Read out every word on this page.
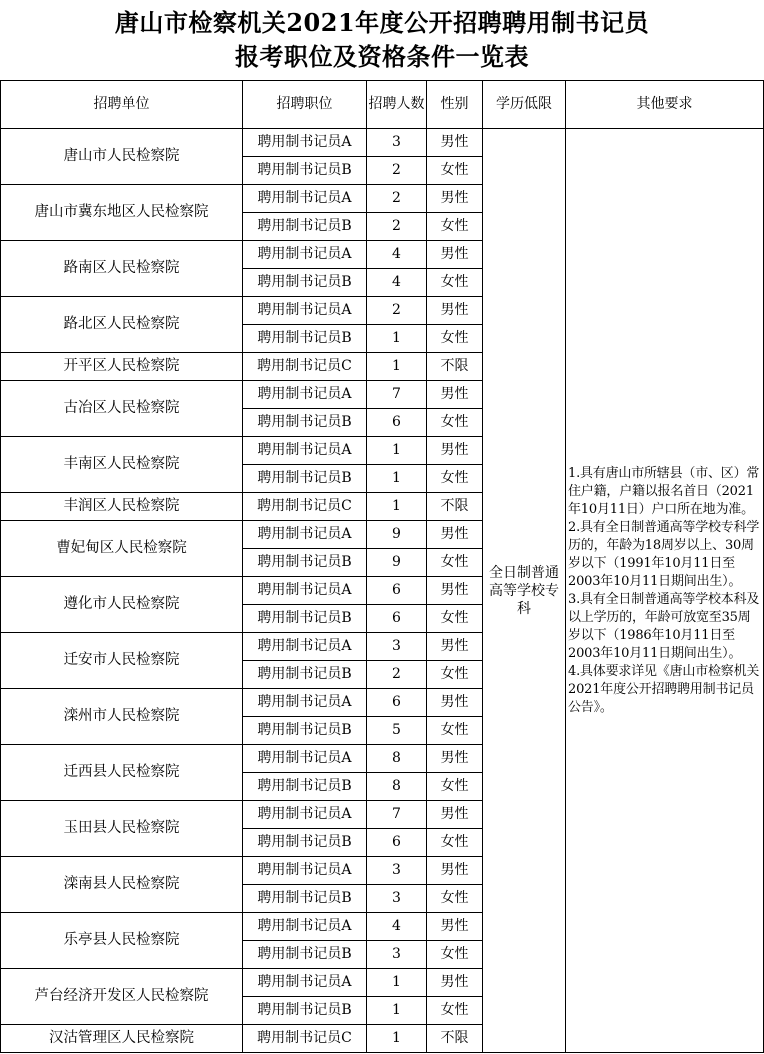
唐山市检察机关2021年度公开招聘聘用制书记员
报考职位及资格条件一览表
招聘单位	招聘职位	招聘人数	性别	学历低限	其他要求
唐山市人民检察院	聘用制书记员A	3	男性	全日制普通高等学校专科	1.具有唐山市所辖县（市、区）常住户籍，户籍以报名首日（2021年10月11日）户口所在地为准。
2.具有全日制普通高等学校专科学历的，年龄为18周岁以上、30周岁以下（1991年10月11日至2003年10月11日期间出生）。
3.具有全日制普通高等学校本科及以上学历的，年龄可放宽至35周岁以下（1986年10月11日至2003年10月11日期间出生）。
4.具体要求详见《唐山市检察机关2021年度公开招聘聘用制书记员公告》。
	聘用制书记员B	2	女性		
唐山市冀东地区人民检察院	聘用制书记员A	2	男性		
	聘用制书记员B	2	女性		
路南区人民检察院	聘用制书记员A	4	男性		
	聘用制书记员B	4	女性		
路北区人民检察院	聘用制书记员A	2	男性		
	聘用制书记员B	1	女性		
开平区人民检察院	聘用制书记员C	1	不限		
古冶区人民检察院	聘用制书记员A	7	男性		
	聘用制书记员B	6	女性		
丰南区人民检察院	聘用制书记员A	1	男性		
	聘用制书记员B	1	女性		
丰润区人民检察院	聘用制书记员C	1	不限		
曹妃甸区人民检察院	聘用制书记员A	9	男性		
	聘用制书记员B	9	女性		
遵化市人民检察院	聘用制书记员A	6	男性		
	聘用制书记员B	6	女性		
迁安市人民检察院	聘用制书记员A	3	男性		
	聘用制书记员B	2	女性		
滦州市人民检察院	聘用制书记员A	6	男性		
	聘用制书记员B	5	女性		
迁西县人民检察院	聘用制书记员A	8	男性		
	聘用制书记员B	8	女性		
玉田县人民检察院	聘用制书记员A	7	男性		
	聘用制书记员B	6	女性		
滦南县人民检察院	聘用制书记员A	3	男性		
	聘用制书记员B	3	女性		
乐亭县人民检察院	聘用制书记员A	4	男性		
	聘用制书记员B	3	女性		
芦台经济开发区人民检察院	聘用制书记员A	1	男性		
	聘用制书记员B	1	女性		
汉沽管理区人民检察院	聘用制书记员C	1	不限		
